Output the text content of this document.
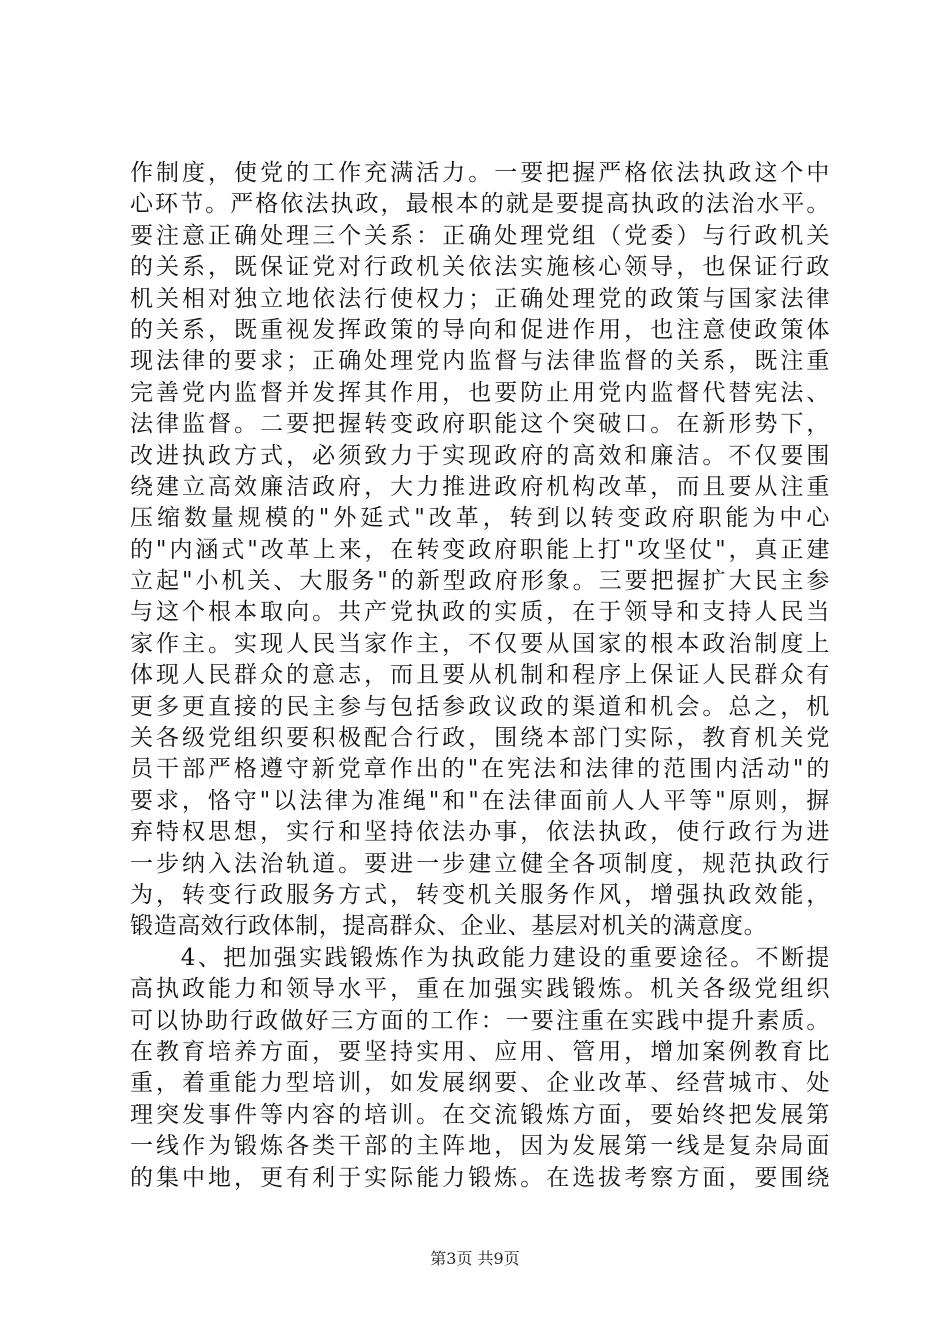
作制度，使党的工作充满活力。一要把握严格依法执政这个中
心环节。严格依法执政，最根本的就是要提高执政的法治水平。
要注意正确处理三个关系：正确处理党组（党委）与行政机关
的关系，既保证党对行政机关依法实施核心领导，也保证行政
机关相对独立地依法行使权力；正确处理党的政策与国家法律
的关系，既重视发挥政策的导向和促进作用，也注意使政策体
现法律的要求；正确处理党内监督与法律监督的关系，既注重
完善党内监督并发挥其作用，也要防止用党内监督代替宪法、
法律监督。二要把握转变政府职能这个突破口。在新形势下，
改进执政方式，必须致力于实现政府的高效和廉洁。不仅要围
绕建立高效廉洁政府，大力推进政府机构改革，而且要从注重
压缩数量规模的"外延式"改革，转到以转变政府职能为中心
的"内涵式"改革上来，在转变政府职能上打"攻坚仗"，真正建
立起"小机关、大服务"的新型政府形象。三要把握扩大民主参
与这个根本取向。共产党执政的实质，在于领导和支持人民当
家作主。实现人民当家作主，不仅要从国家的根本政治制度上
体现人民群众的意志，而且要从机制和程序上保证人民群众有
更多更直接的民主参与包括参政议政的渠道和机会。总之，机
关各级党组织要积极配合行政，围绕本部门实际，教育机关党
员干部严格遵守新党章作出的"在宪法和法律的范围内活动"的
要求，恪守"以法律为准绳"和"在法律面前人人平等"原则，摒
弃特权思想，实行和坚持依法办事，依法执政，使行政行为进
一步纳入法治轨道。要进一步建立健全各项制度，规范执政行
为，转变行政服务方式，转变机关服务作风，增强执政效能，
锻造高效行政体制，提高群众、企业、基层对机关的满意度。
　　4、把加强实践锻炼作为执政能力建设的重要途径。不断提
高执政能力和领导水平，重在加强实践锻炼。机关各级党组织
可以协助行政做好三方面的工作：一要注重在实践中提升素质。
在教育培养方面，要坚持实用、应用、管用，增加案例教育比
重，着重能力型培训，如发展纲要、企业改革、经营城市、处
理突发事件等内容的培训。在交流锻炼方面，要始终把发展第
一线作为锻炼各类干部的主阵地，因为发展第一线是复杂局面
的集中地，更有利于实际能力锻炼。在选拔考察方面，要围绕
第3页 共9页
